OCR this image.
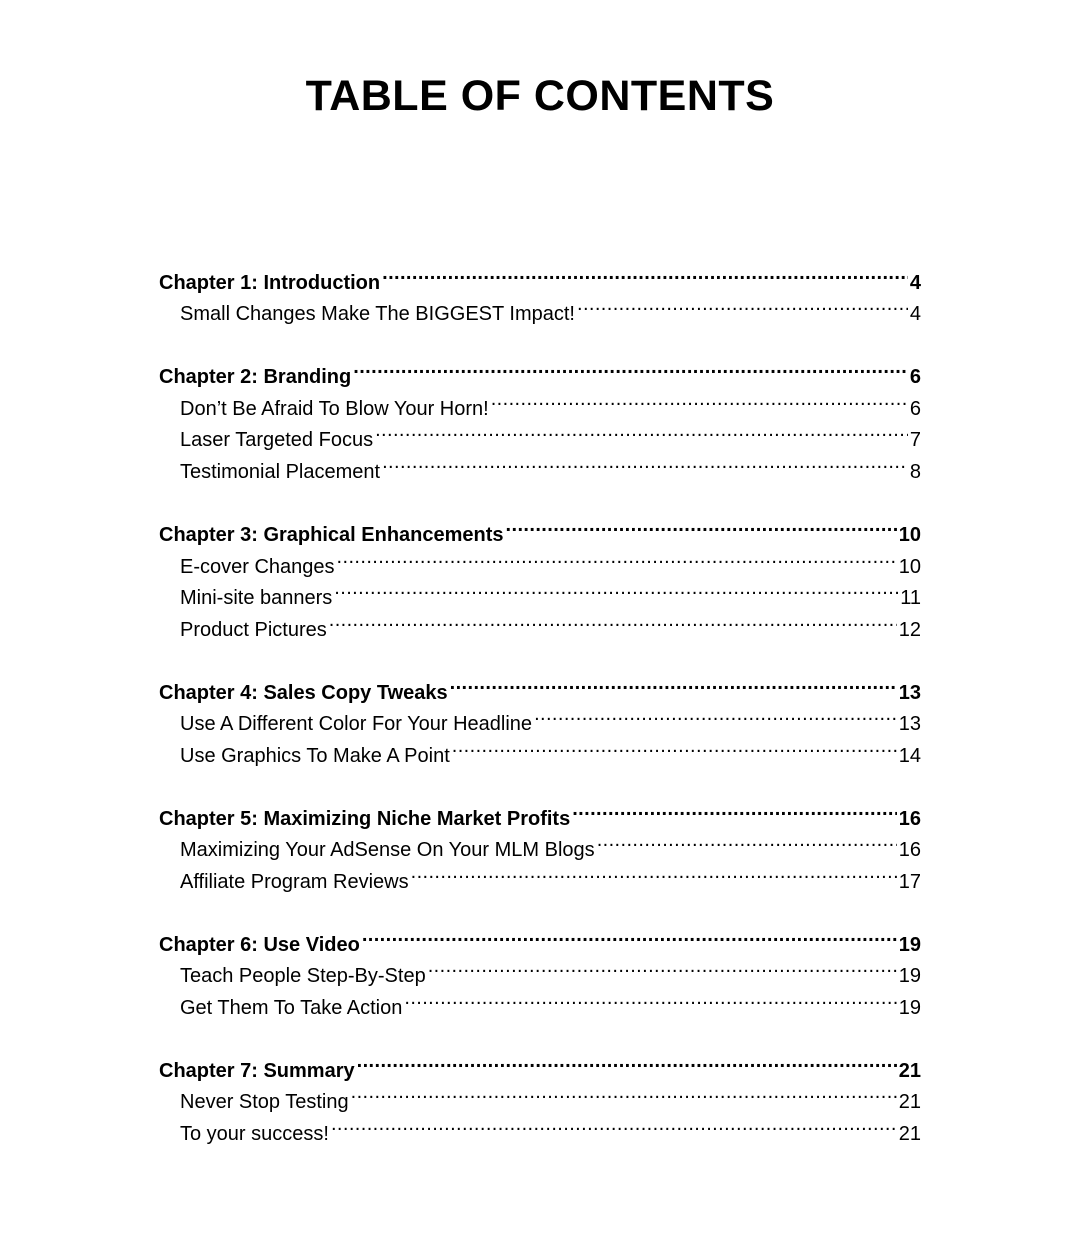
TABLE OF CONTENTS
Chapter 1: Introduction .....	4
Small Changes Make The BIGGEST Impact! .....	4
Chapter 2: Branding .....	6
Don’t Be Afraid To Blow Your Horn! .....	6
Laser Targeted Focus .....	7
Testimonial Placement .....	8
Chapter 3: Graphical Enhancements .....	10
E-cover Changes .....	10
Mini-site banners .....	11
Product Pictures .....	12
Chapter 4: Sales Copy Tweaks .....	13
Use A Different Color For Your Headline .....	13
Use Graphics To Make A Point .....	14
Chapter 5: Maximizing Niche Market Profits .....	16
Maximizing Your AdSense On Your MLM Blogs .....	16
Affiliate Program Reviews .....	17
Chapter 6: Use Video .....	19
Teach People Step-By-Step .....	19
Get Them To Take Action .....	19
Chapter 7: Summary .....	21
Never Stop Testing .....	21
To your success! .....	21
